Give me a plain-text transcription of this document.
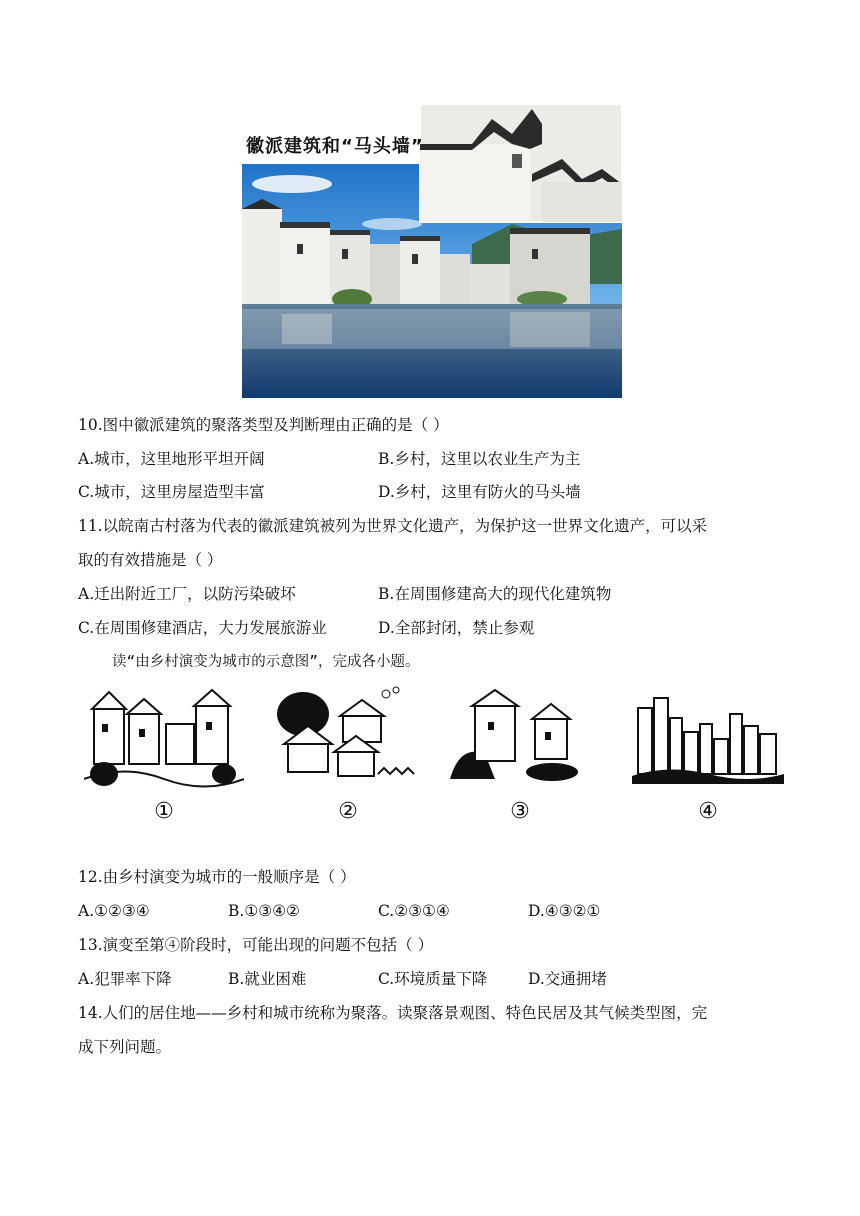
徽派建筑和“马头墙”
10.图中徽派建筑的聚落类型及判断理由正确的是（ ）
A.城市，这里地形平坦开阔	B.乡村，这里以农业生产为主
C.城市，这里房屋造型丰富	D.乡村，这里有防火的马头墙
11.以皖南古村落为代表的徽派建筑被列为世界文化遗产，为保护这一世界文化遗产，可以采
取的有效措施是（ ）
A.迁出附近工厂，以防污染破坏	B.在周围修建高大的现代化建筑物
C.在周围修建酒店，大力发展旅游业	D.全部封闭，禁止参观
读“由乡村演变为城市的示意图”，完成各小题。
①	②	③	④
12.由乡村演变为城市的一般顺序是（ ）
A.①②③④	B.①③④②	C.②③①④	D.④③②①
13.演变至第④阶段时，可能出现的问题不包括（ ）
A.犯罪率下降	B.就业困难	C.环境质量下降	D.交通拥堵
14.人们的居住地——乡村和城市统称为聚落。读聚落景观图、特色民居及其气候类型图，完
成下列问题。
